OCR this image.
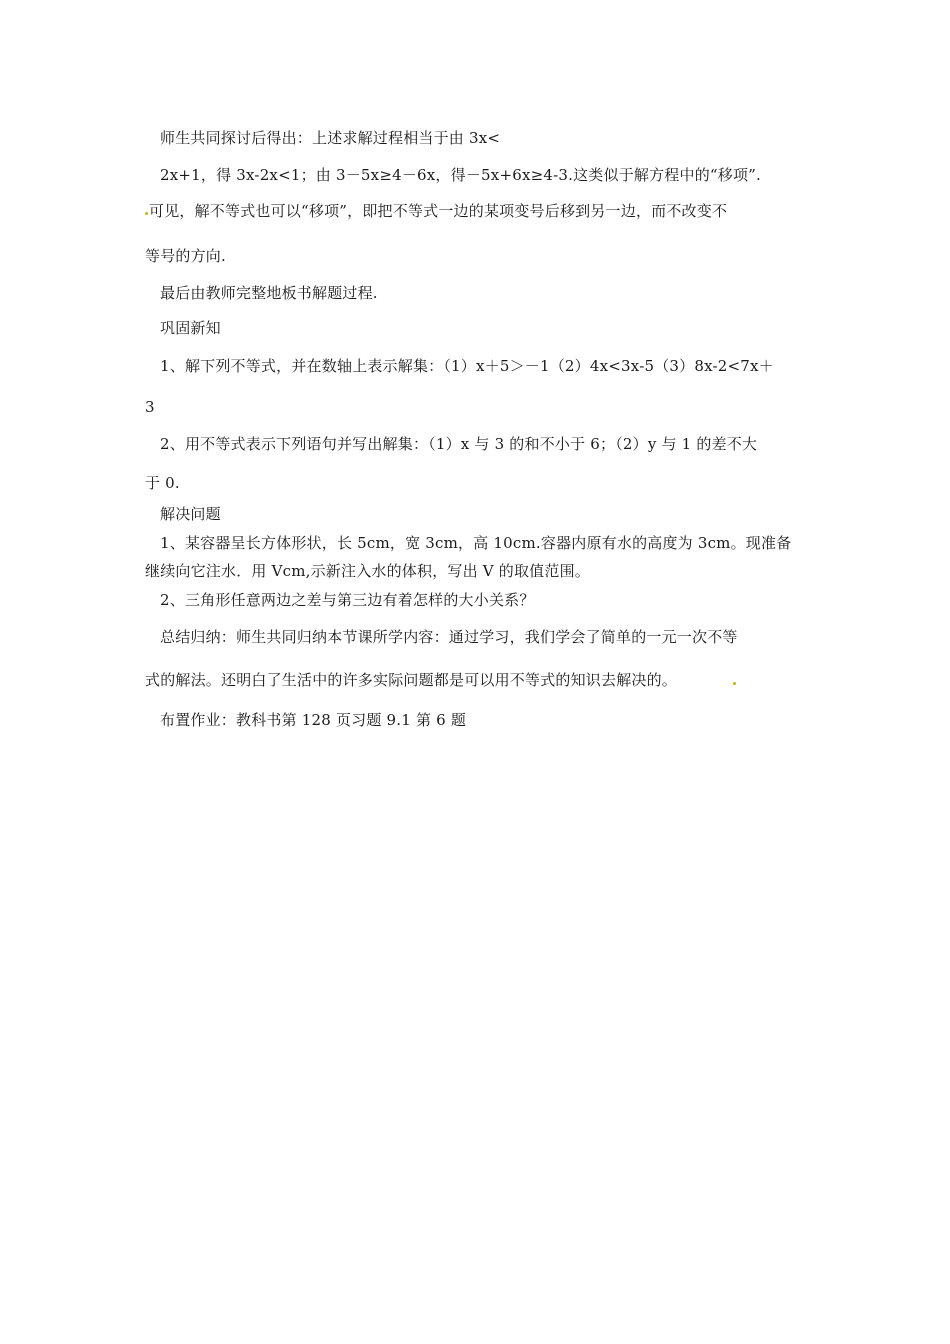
师生共同探讨后得出：上述求解过程相当于由 3x<
2x+1，得 3x-2x<1；由 3－5x≥4－6x，得－5x+6x≥4-3.这类似于解方程中的“移项”.
可见，解不等式也可以“移项”，即把不等式一边的某项变号后移到另一边，而不改变不
等号的方向.
最后由教师完整地板书解题过程.
巩固新知
1、解下列不等式，并在数轴上表示解集：（1）x＋5＞－1（2）4x<3x-5（3）8x-2<7x＋
3
2、用不等式表示下列语句并写出解集：（1）x 与 3 的和不小于 6；（2）y 与 1 的差不大
于 0.
解决问题
1、某容器呈长方体形状，长 5cm，宽 3cm，高 10cm.容器内原有水的高度为 3cm。现准备
继续向它注水．用 Vcm,示新注入水的体积，写出 V 的取值范围。
2、三角形任意两边之差与第三边有着怎样的大小关系？
总结归纳：师生共同归纳本节课所学内容：通过学习，我们学会了简单的一元一次不等
式的解法。还明白了生活中的许多实际问题都是可以用不等式的知识去解决的。
布置作业：教科书第 128 页习题 9.1 第 6 题
